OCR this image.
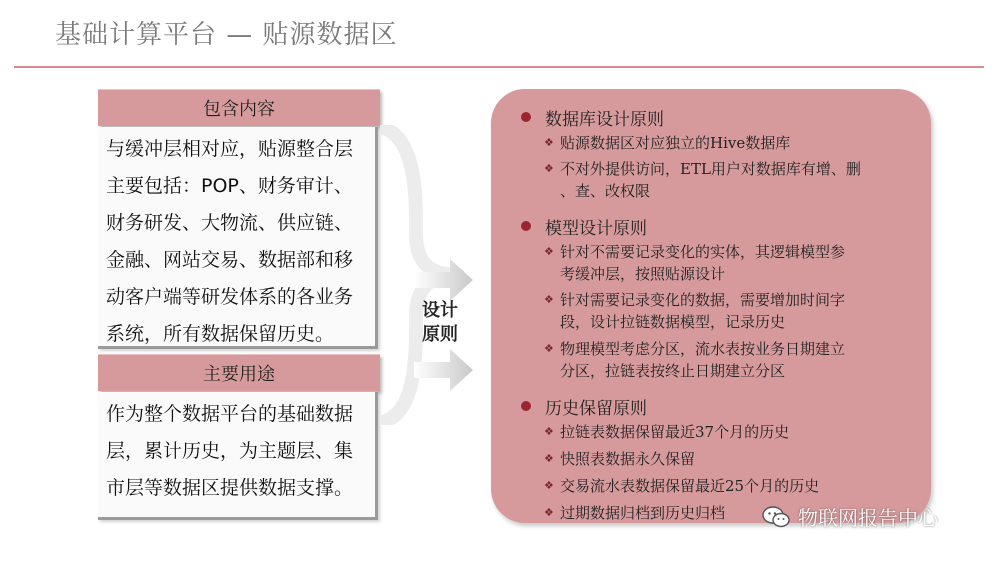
基础计算平台 — 贴源数据区
包含内容
与缓冲层相对应，贴源整合层
主要包括：POP、财务审计、
财务研发、大物流、供应链、
金融、网站交易、数据部和移
动客户端等研发体系的各业务
系统，所有数据保留历史。
主要用途
作为整个数据平台的基础数据
层，累计历史，为主题层、集
市层等数据区提供数据支撑。
设计
原则
数据库设计原则
❖ 贴源数据区对应独立的Hive数据库
❖ 不对外提供访问，ETL用户对数据库有增、删
、查、改权限
模型设计原则
❖ 针对不需要记录变化的实体，其逻辑模型参
考缓冲层，按照贴源设计
❖ 针对需要记录变化的数据，需要增加时间字
段，设计拉链数据模型，记录历史
❖ 物理模型考虑分区，流水表按业务日期建立
分区，拉链表按终止日期建立分区
历史保留原则
❖ 拉链表数据保留最近37个月的历史
❖ 快照表数据永久保留
❖ 交易流水表数据保留最近25个月的历史
❖ 过期数据归档到历史归档	物联网报告中心
